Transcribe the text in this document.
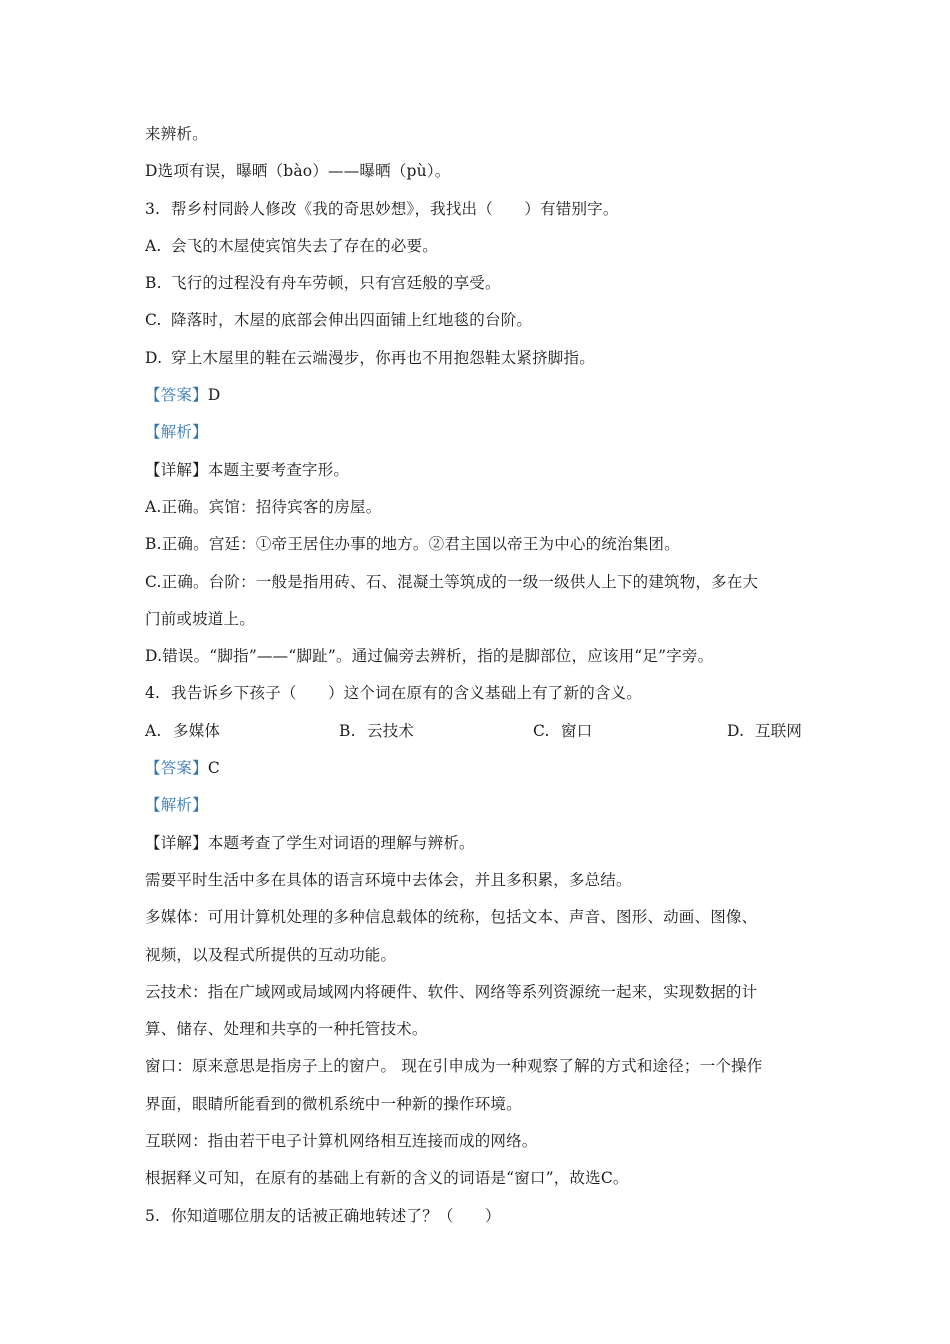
来辨析。
D选项有误，曝晒（bào）——曝晒（pù）。
3. 帮乡村同龄人修改《我的奇思妙想》，我找出（　　）有错别字。
A. 会飞的木屋使宾馆失去了存在的必要。
B. 飞行的过程没有舟车劳顿，只有宫廷般的享受。
C. 降落时，木屋的底部会伸出四面铺上红地毯的台阶。
D. 穿上木屋里的鞋在云端漫步，你再也不用抱怨鞋太紧挤脚指。
【答案】D
【解析】
【详解】本题主要考查字形。
A.正确。宾馆：招待宾客的房屋。
B.正确。宫廷：①帝王居住办事的地方。②君主国以帝王为中心的统治集团。
C.正确。台阶：一般是指用砖、石、混凝土等筑成的一级一级供人上下的建筑物，多在大
门前或坡道上。
D.错误。“脚指”——“脚趾”。通过偏旁去辨析，指的是脚部位，应该用“足”字旁。
4. 我告诉乡下孩子（　　）这个词在原有的含义基础上有了新的含义。
A. 多媒体	B. 云技术	C. 窗口	D. 互联网
【答案】C
【解析】
【详解】本题考查了学生对词语的理解与辨析。
需要平时生活中多在具体的语言环境中去体会，并且多积累，多总结。
多媒体：可用计算机处理的多种信息载体的统称，包括文本、声音、图形、动画、图像、
视频，以及程式所提供的互动功能。
云技术：指在广域网或局域网内将硬件、软件、网络等系列资源统一起来，实现数据的计
算、储存、处理和共享的一种托管技术。
窗口：原来意思是指房子上的窗户。 现在引申成为一种观察了解的方式和途径；一个操作
界面，眼睛所能看到的微机系统中一种新的操作环境。
互联网：指由若干电子计算机网络相互连接而成的网络。
根据释义可知，在原有的基础上有新的含义的词语是“窗口”，故选C。
5. 你知道哪位朋友的话被正确地转述了？（　　）
